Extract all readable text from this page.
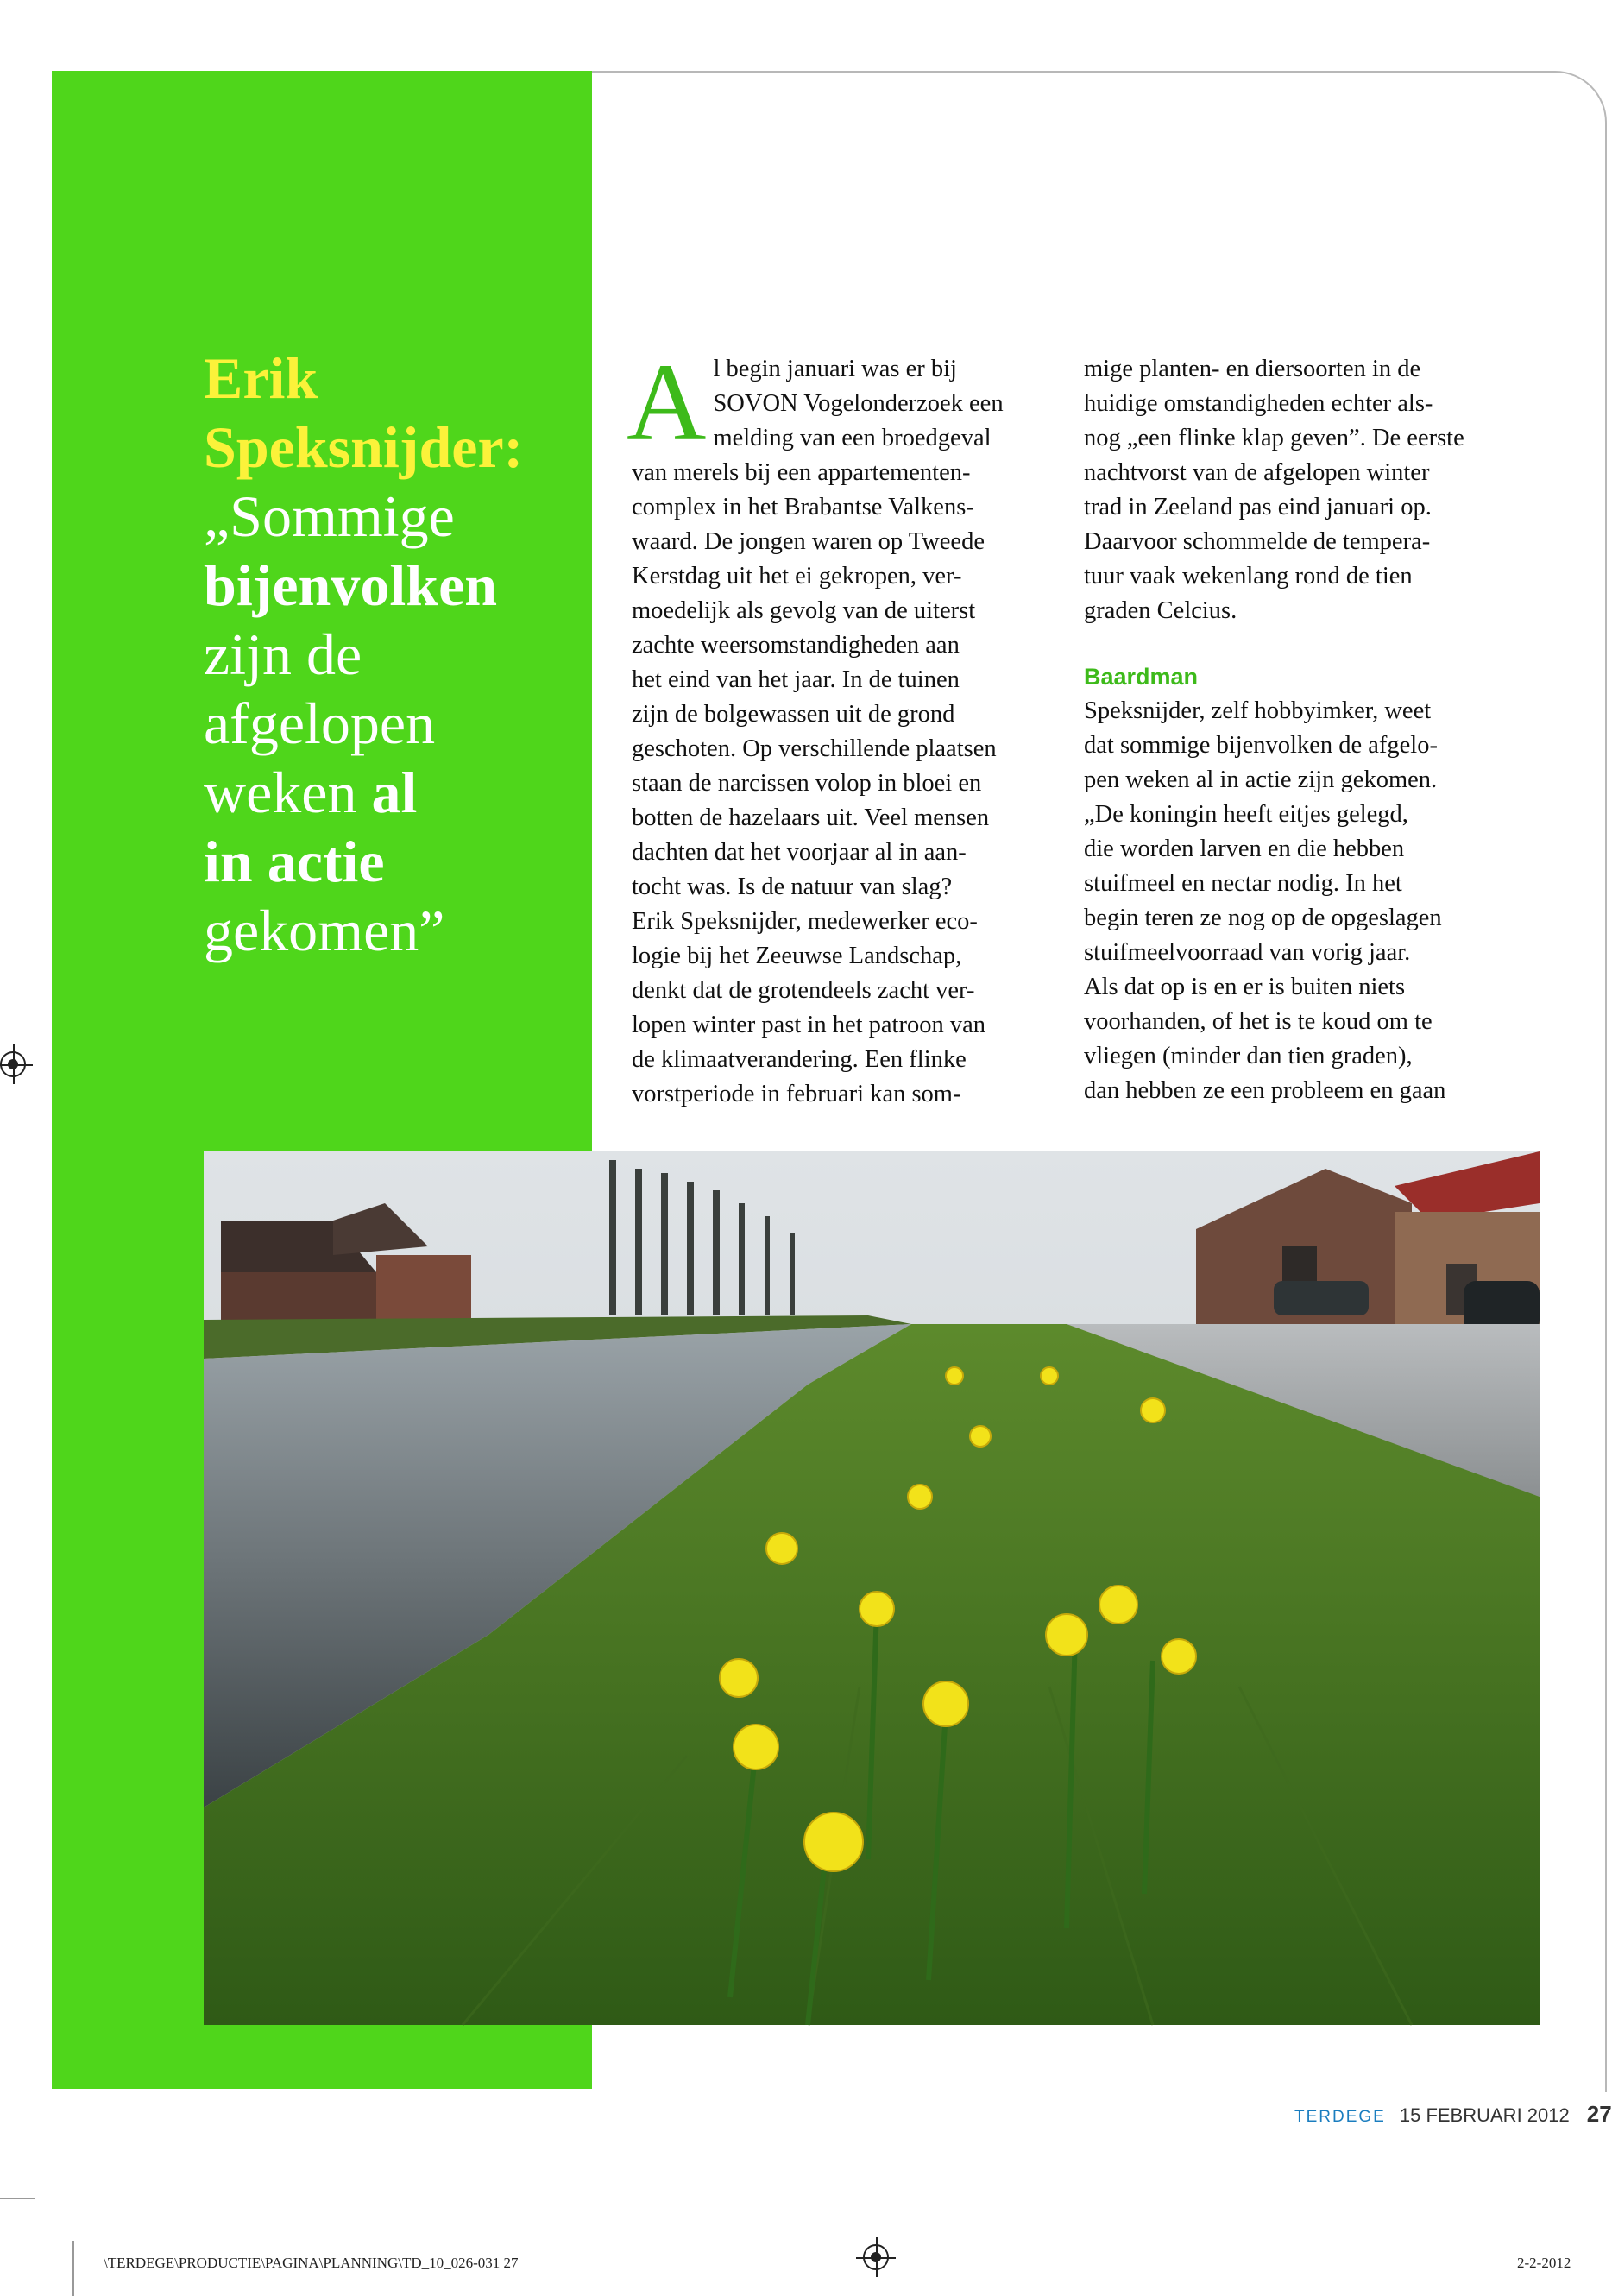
Erik Speksnijder:
„Sommige
bijenvolken
zijn de
afgelopen
weken al
in actie
gekomen”
A l begin januari was er bij
SOVON Vogelonderzoek een
melding van een broedgeval
van merels bij een appartementen-
complex in het Brabantse Valkens-
waard. De jongen waren op Tweede
Kerstdag uit het ei gekropen, ver-
moedelijk als gevolg van de uiterst
zachte weersomstandigheden aan
het eind van het jaar. In de tuinen
zijn de bolgewassen uit de grond
geschoten. Op verschillende plaatsen
staan de narcissen volop in bloei en
botten de hazelaars uit. Veel mensen
dachten dat het voorjaar al in aan-
tocht was. Is de natuur van slag?
Erik Speksnijder, medewerker eco-
logie bij het Zeeuwse Landschap,
denkt dat de grotendeels zacht ver-
lopen winter past in het patroon van
de klimaatverandering. Een flinke
vorstperiode in februari kan som-
mige planten- en diersoorten in de
huidige omstandigheden echter als-
nog „een flinke klap geven”. De eerste
nachtvorst van de afgelopen winter
trad in Zeeland pas eind januari op.
Daarvoor schommelde de tempera-
tuur vaak wekenlang rond de tien
graden Celcius.

Baardman

Speksnijder, zelf hobbyimker, weet
dat sommige bijenvolken de afgelo-
pen weken al in actie zijn gekomen.
„De koningin heeft eitjes gelegd,
die worden larven en die hebben
stuifmeel en nectar nodig. In het
begin teren ze nog op de opgeslagen
stuifmeelvoorraad van vorig jaar.
Als dat op is en er is buiten niets
voorhanden, of het is te koud om te
vliegen (minder dan tien graden),
dan hebben ze een probleem en gaan
TERDEGE 15 FEBRUARI 2012 27
\TERDEGE\PRODUCTIE\PAGINA\PLANNING\TD_10_026-031 27	2-2-2012
